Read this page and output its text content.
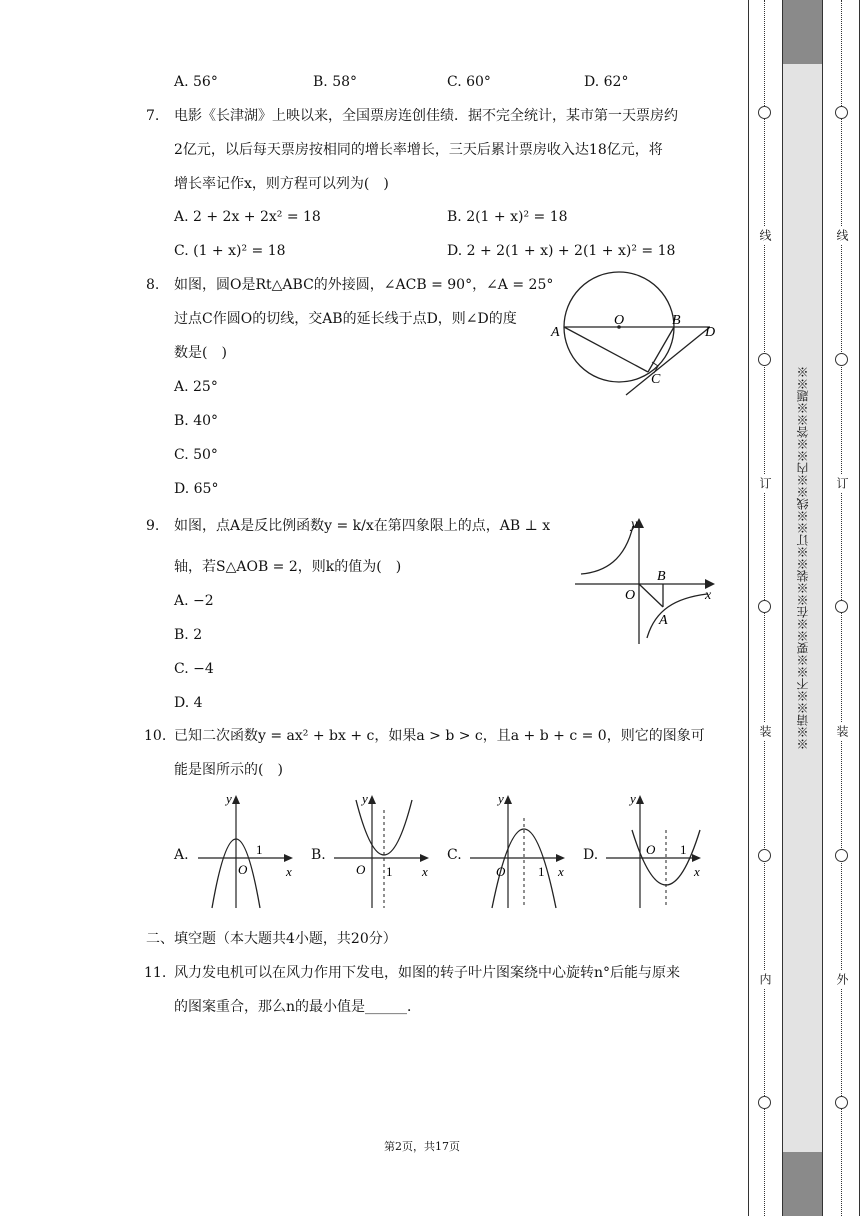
A. 56°	B. 58°	C. 60°	D. 62°
7. 电影《长津湖》上映以来，全国票房连创佳绩．据不完全统计，某市第一天票房约
2亿元，以后每天票房按相同的增长率增长，三天后累计票房收入达18亿元，将
增长率记作x，则方程可以列为(　)
A. 2 + 2x + 2x² = 18	B. 2(1 + x)² = 18
C. (1 + x)² = 18	D. 2 + 2(1 + x) + 2(1 + x)² = 18
8. 如图，圆O是Rt△ABC的外接圆，∠ACB = 90°，∠A = 25°
过点C作圆O的切线，交AB的延长线于点D，则∠D的度
数是(　)
A. 25°
B. 40°
C. 50°
D. 65°
A
O	B
D
C
9. 如图，点A是反比例函数y = k/x在第四象限上的点，AB ⊥ x
轴，若S△AOB = 2，则k的值为(　)
A. −2
B. 2
C. −4
D. 4
y
x
O
B
A
10. 已知二次函数y = ax² + bx + c，如果a > b > c，且a + b + c = 0，则它的图象可
能是图所示的(　)
A.	B.	C.	D.
y
x
O
1
y
x
O 1
y
x
O	1
y
x
O 1
二、填空题（本大题共4小题，共20分）
11. 风力发电机可以在风力作用下发电，如图的转子叶片图案绕中心旋转n°后能与原来
的图案重合，那么n的最小值是______．
第2页，共17页
线
订
装
内
线
订
装
外
※※请※※不※※要※※在※※装※※订※※线※※内※※答※※题※※
